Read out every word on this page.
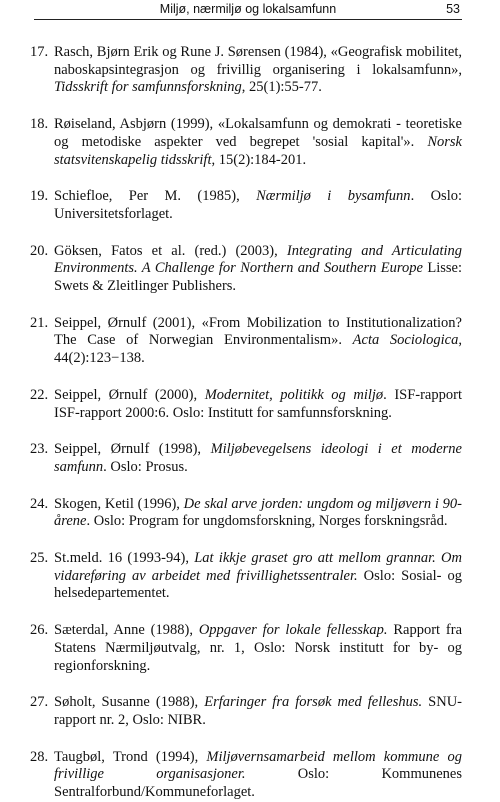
Miljø, nærmiljø og lokalsamfunn	53
17. Rasch, Bjørn Erik og Rune J. Sørensen (1984), «Geografisk mobilitet, naboskapsintegrasjon og frivillig organisering i lokalsamfunn», Tidsskrift for samfunnsforskning, 25(1):55-77.
18. Røiseland, Asbjørn (1999), «Lokalsamfunn og demokrati - teoretiske og metodiske aspekter ved begrepet 'sosial kapital'». Norsk statsvitenskapelig tidsskrift, 15(2):184-201.
19. Schiefloe, Per M. (1985), Nærmiljø i bysamfunn. Oslo: Universitetsforlaget.
20. Göksen, Fatos et al. (red.) (2003), Integrating and Articulating Environments. A Challenge for Northern and Southern Europe Lisse: Swets & Zleitlinger Publishers.
21. Seippel, Ørnulf (2001), «From Mobilization to Institutionalization? The Case of Norwegian Environmentalism». Acta Sociologica, 44(2):123−138.
22. Seippel, Ørnulf (2000), Modernitet, politikk og miljø. ISF-rapport ISF-rapport 2000:6. Oslo: Institutt for samfunnsforskning.
23. Seippel, Ørnulf (1998), Miljøbevegelsens ideologi i et moderne samfunn. Oslo: Prosus.
24. Skogen, Ketil (1996), De skal arve jorden: ungdom og miljøvern i 90-årene. Oslo: Program for ungdomsforskning, Norges forskningsråd.
25. St.meld. 16 (1993-94), Lat ikkje graset gro att mellom grannar. Om vidareføring av arbeidet med frivillighetssentraler. Oslo: Sosial- og helsedepartementet.
26. Sæterdal, Anne (1988), Oppgaver for lokale fellesskap. Rapport fra Statens Nærmiljøutvalg, nr. 1, Oslo: Norsk institutt for by- og regionforskning.
27. Søholt, Susanne (1988), Erfaringer fra forsøk med felleshus. SNU-rapport nr. 2, Oslo: NIBR.
28. Taugbøl, Trond (1994), Miljøvernsamarbeid mellom kommune og frivillige organisasjoner. Oslo: Kommunenes Sentralforbund/Kommuneforlaget.
